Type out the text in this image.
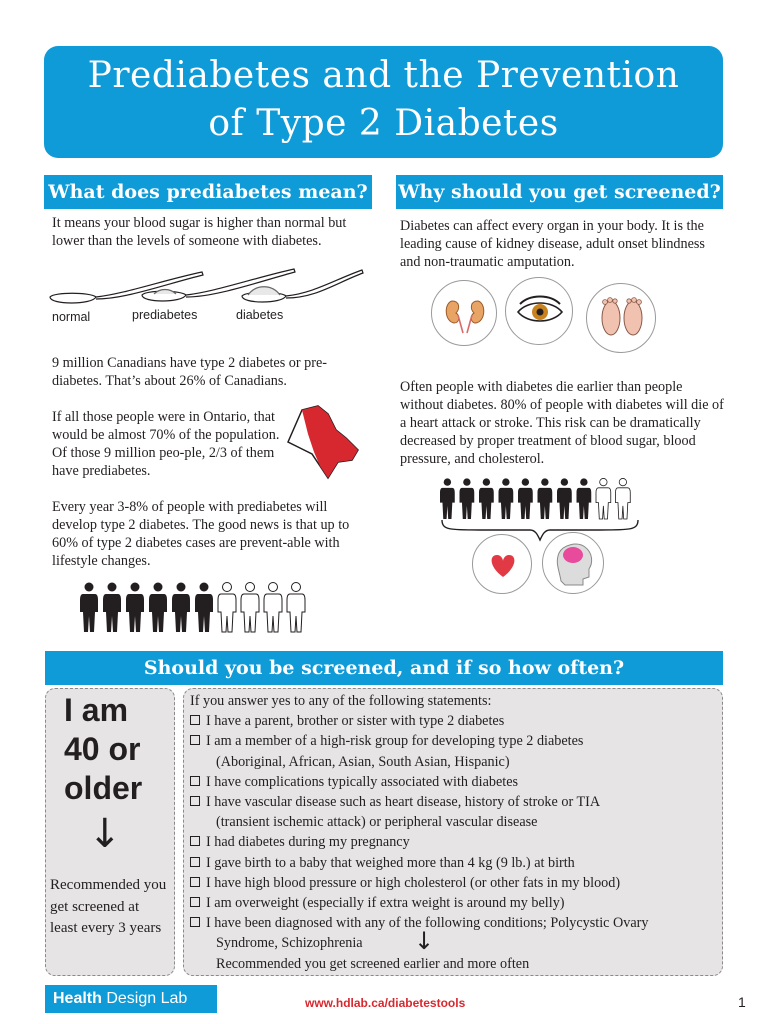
Prediabetes and the Prevention
of Type 2 Diabetes
What does prediabetes mean?
It means your blood sugar is higher than normal but lower than the levels of someone with diabetes.
normal	prediabetes	diabetes
9 million Canadians have type 2 diabetes or pre-diabetes. That’s about 26% of Canadians.
If all those people were in Ontario, that would be almost 70% of the population. Of those 9 million peo-ple, 2/3 of them have prediabetes.
Every year 3-8% of people with prediabetes will develop type 2 diabetes. The good news is that up to 60% of type 2 diabetes cases are prevent-able with lifestyle changes.
Why should you get screened?
Diabetes can affect every organ in your body. It is the leading cause of kidney disease, adult onset blindness and non-traumatic amputation.
Often people with diabetes die earlier than people without diabetes. 80% of people with diabetes will die of a heart attack or stroke. This risk can be dramatically decreased by proper treatment of blood sugar, blood pressure, and cholesterol.
Should you be screened, and if so how often?
I am
40 or
older
↓
Recommended you get screened at least every 3 years
If you answer yes to any of the following statements:
I have a parent, brother or sister with type 2 diabetes
I am a member of a high-risk group for developing type 2 diabetes
(Aboriginal, African, Asian, South Asian, Hispanic)
I have complications typically associated with diabetes
I have vascular disease such as heart disease, history of stroke or TIA
(transient ischemic attack) or peripheral vascular disease
I had diabetes during my pregnancy
I gave birth to a baby that weighed more than 4 kg (9 lb.) at birth
I have high blood pressure or high cholesterol (or other fats in my blood)
I am overweight (especially if extra weight is around my belly)
I have been diagnosed with any of the following conditions; Polycystic Ovary
Syndrome, Schizophrenia
Recommended you get screened earlier and more often
↓
Health Design Lab	www.hdlab.ca/diabetestools	1
